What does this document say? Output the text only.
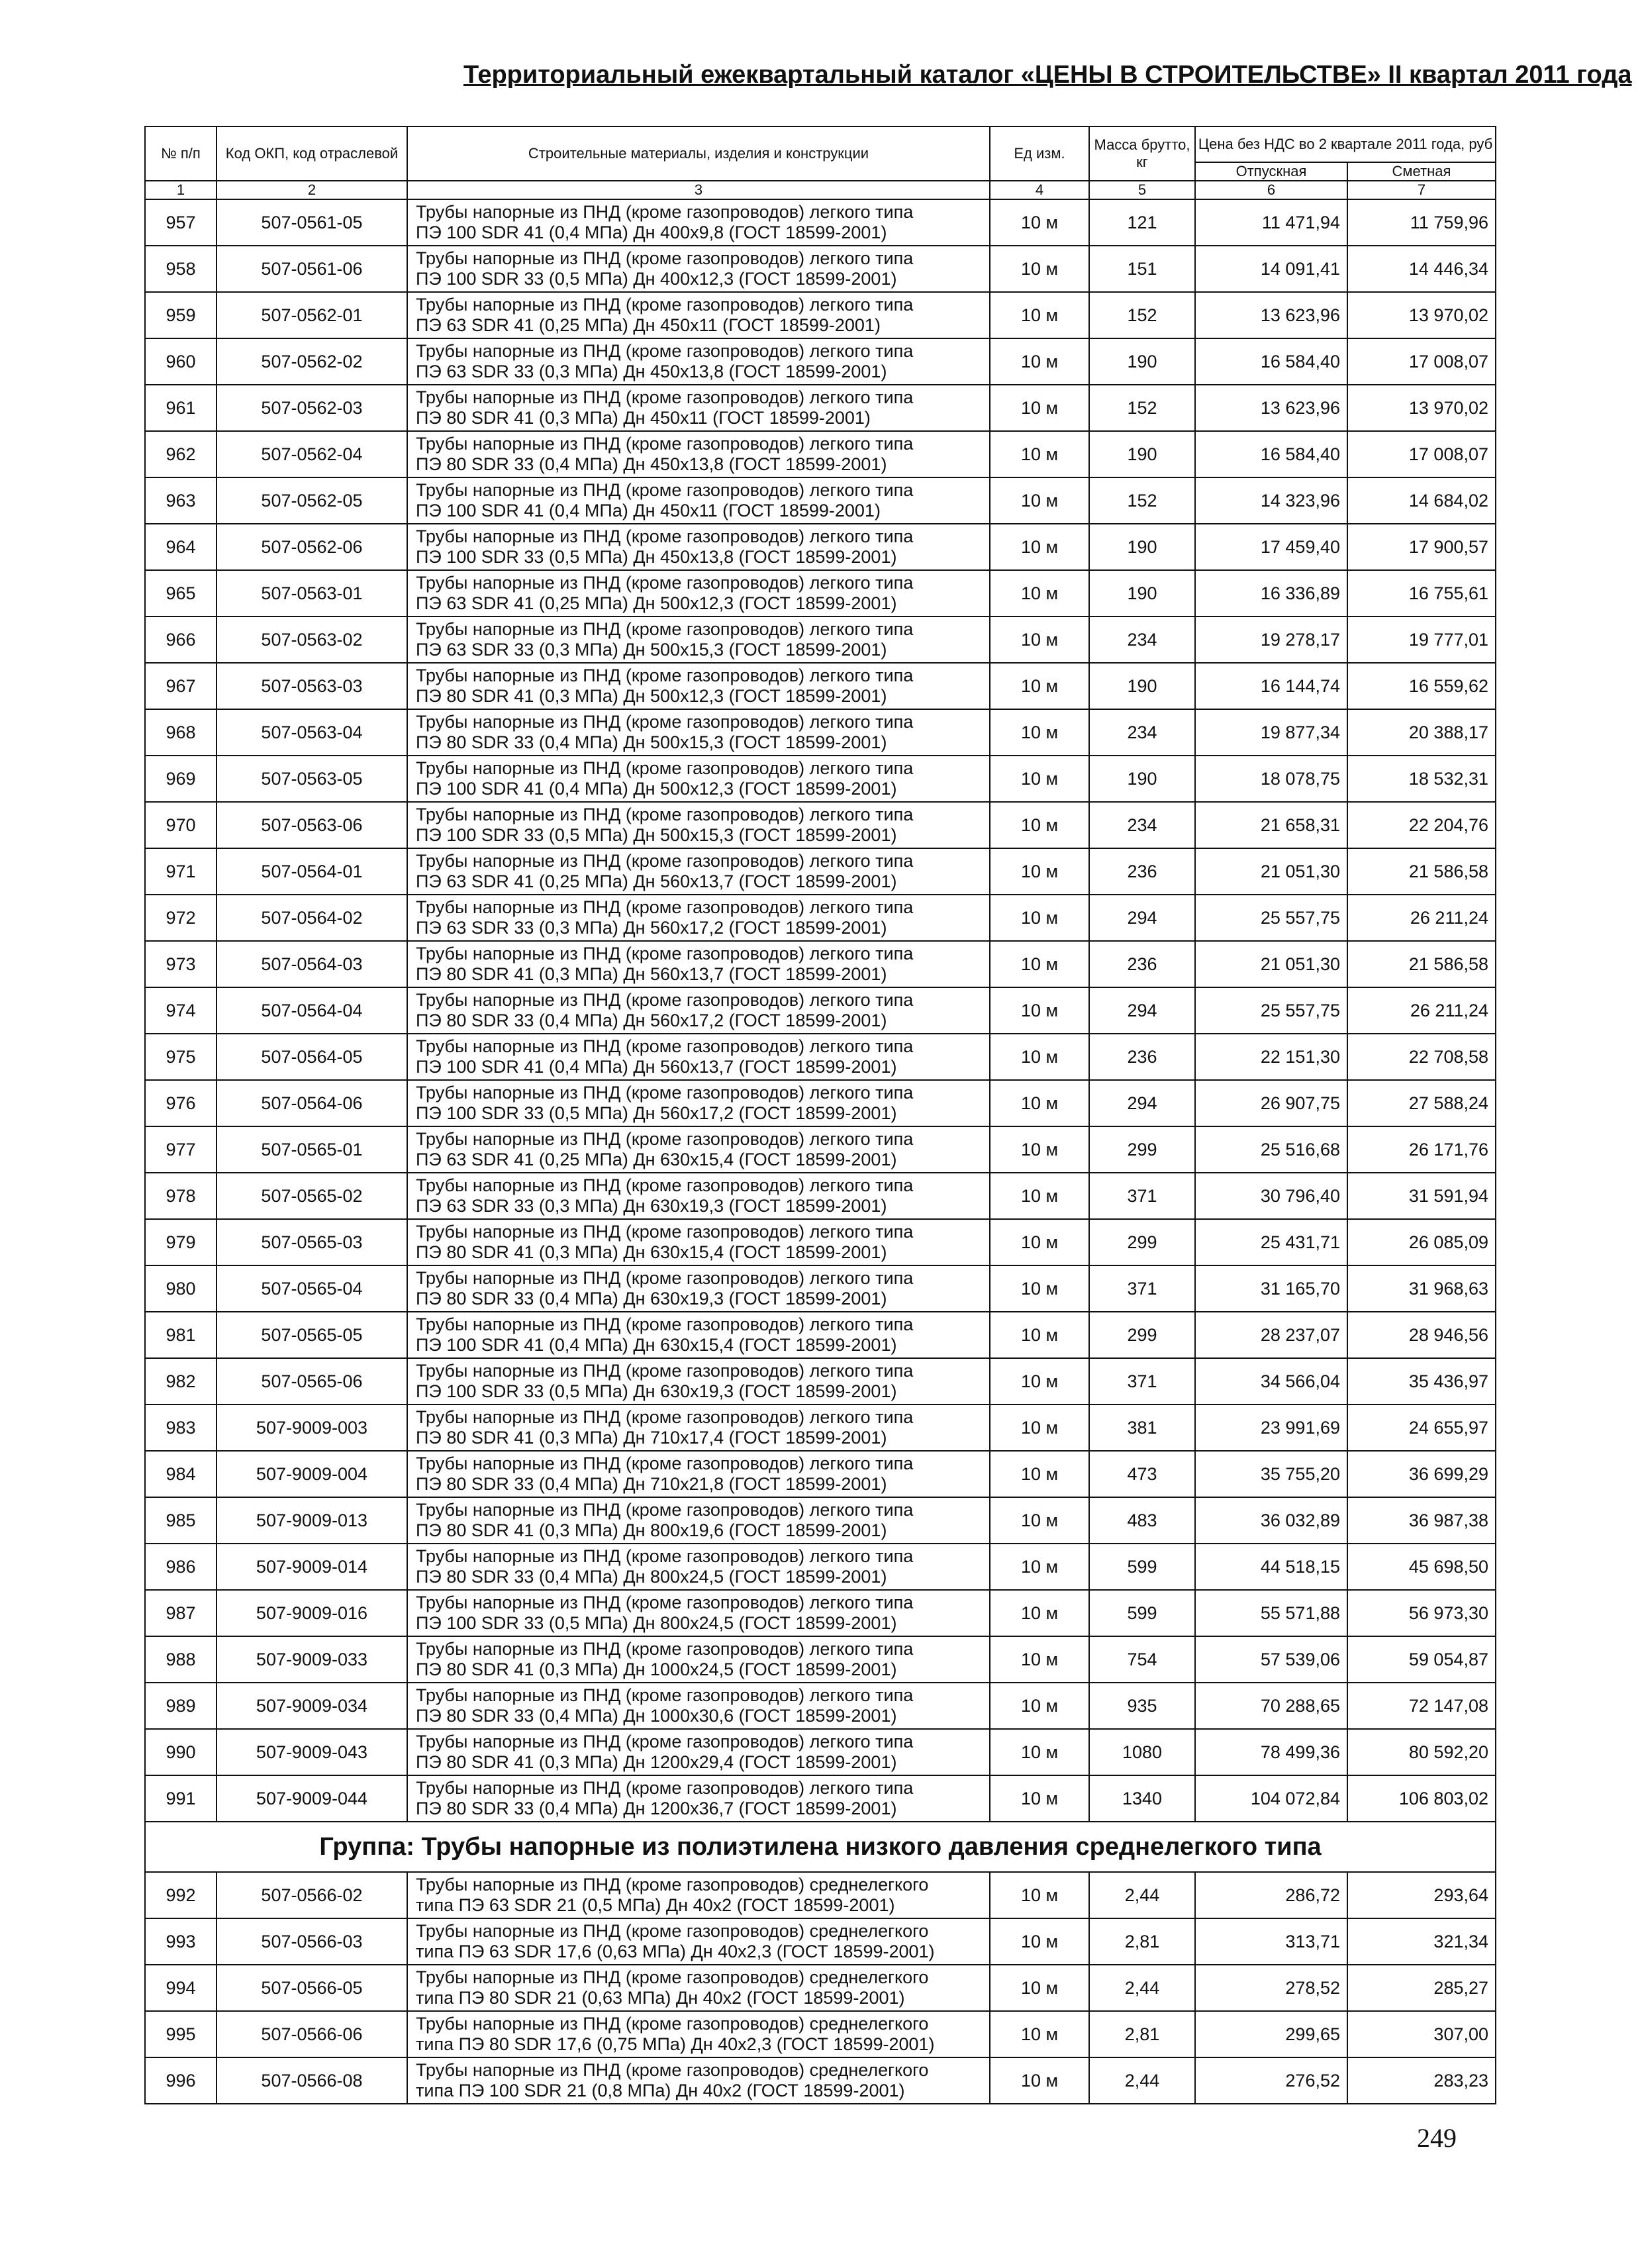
Территориальный ежеквартальный каталог «ЦЕНЫ В СТРОИТЕЛЬСТВЕ» II квартал 2011 года
№ п/п	Код ОКП, код отраслевой	Строительные материалы, изделия и конструкции	Ед изм.	Масса брутто, кг	Цена без НДС во 2 квартале 2011 года, руб	
					Отпускная	Сметная
1	2	3	4	5	6	7
957	507-0561-05	Трубы напорные из ПНД (кроме газопроводов) легкого типа
ПЭ 100 SDR 41 (0,4 МПа) Дн 400х9,8 (ГОСТ 18599-2001)	10 м	121	11 471,94	11 759,96
958	507-0561-06	Трубы напорные из ПНД (кроме газопроводов) легкого типа
ПЭ 100 SDR 33 (0,5 МПа) Дн 400х12,3 (ГОСТ 18599-2001)	10 м	151	14 091,41	14 446,34
959	507-0562-01	Трубы напорные из ПНД (кроме газопроводов) легкого типа
ПЭ 63 SDR 41 (0,25 МПа) Дн 450х11 (ГОСТ 18599-2001)	10 м	152	13 623,96	13 970,02
960	507-0562-02	Трубы напорные из ПНД (кроме газопроводов) легкого типа
ПЭ 63 SDR 33 (0,3 МПа) Дн 450х13,8 (ГОСТ 18599-2001)	10 м	190	16 584,40	17 008,07
961	507-0562-03	Трубы напорные из ПНД (кроме газопроводов) легкого типа
ПЭ 80 SDR 41 (0,3 МПа) Дн 450х11 (ГОСТ 18599-2001)	10 м	152	13 623,96	13 970,02
962	507-0562-04	Трубы напорные из ПНД (кроме газопроводов) легкого типа
ПЭ 80 SDR 33 (0,4 МПа) Дн 450х13,8 (ГОСТ 18599-2001)	10 м	190	16 584,40	17 008,07
963	507-0562-05	Трубы напорные из ПНД (кроме газопроводов) легкого типа
ПЭ 100 SDR 41 (0,4 МПа) Дн 450х11 (ГОСТ 18599-2001)	10 м	152	14 323,96	14 684,02
964	507-0562-06	Трубы напорные из ПНД (кроме газопроводов) легкого типа
ПЭ 100 SDR 33 (0,5 МПа) Дн 450х13,8 (ГОСТ 18599-2001)	10 м	190	17 459,40	17 900,57
965	507-0563-01	Трубы напорные из ПНД (кроме газопроводов) легкого типа
ПЭ 63 SDR 41 (0,25 МПа) Дн 500х12,3 (ГОСТ 18599-2001)	10 м	190	16 336,89	16 755,61
966	507-0563-02	Трубы напорные из ПНД (кроме газопроводов) легкого типа
ПЭ 63 SDR 33 (0,3 МПа) Дн 500х15,3 (ГОСТ 18599-2001)	10 м	234	19 278,17	19 777,01
967	507-0563-03	Трубы напорные из ПНД (кроме газопроводов) легкого типа
ПЭ 80 SDR 41 (0,3 МПа) Дн 500х12,3 (ГОСТ 18599-2001)	10 м	190	16 144,74	16 559,62
968	507-0563-04	Трубы напорные из ПНД (кроме газопроводов) легкого типа
ПЭ 80 SDR 33 (0,4 МПа) Дн 500х15,3 (ГОСТ 18599-2001)	10 м	234	19 877,34	20 388,17
969	507-0563-05	Трубы напорные из ПНД (кроме газопроводов) легкого типа
ПЭ 100 SDR 41 (0,4 МПа) Дн 500х12,3 (ГОСТ 18599-2001)	10 м	190	18 078,75	18 532,31
970	507-0563-06	Трубы напорные из ПНД (кроме газопроводов) легкого типа
ПЭ 100 SDR 33 (0,5 МПа) Дн 500х15,3 (ГОСТ 18599-2001)	10 м	234	21 658,31	22 204,76
971	507-0564-01	Трубы напорные из ПНД (кроме газопроводов) легкого типа
ПЭ 63 SDR 41 (0,25 МПа) Дн 560х13,7 (ГОСТ 18599-2001)	10 м	236	21 051,30	21 586,58
972	507-0564-02	Трубы напорные из ПНД (кроме газопроводов) легкого типа
ПЭ 63 SDR 33 (0,3 МПа) Дн 560х17,2 (ГОСТ 18599-2001)	10 м	294	25 557,75	26 211,24
973	507-0564-03	Трубы напорные из ПНД (кроме газопроводов) легкого типа
ПЭ 80 SDR 41 (0,3 МПа) Дн 560х13,7 (ГОСТ 18599-2001)	10 м	236	21 051,30	21 586,58
974	507-0564-04	Трубы напорные из ПНД (кроме газопроводов) легкого типа
ПЭ 80 SDR 33 (0,4 МПа) Дн 560х17,2 (ГОСТ 18599-2001)	10 м	294	25 557,75	26 211,24
975	507-0564-05	Трубы напорные из ПНД (кроме газопроводов) легкого типа
ПЭ 100 SDR 41 (0,4 МПа) Дн 560х13,7 (ГОСТ 18599-2001)	10 м	236	22 151,30	22 708,58
976	507-0564-06	Трубы напорные из ПНД (кроме газопроводов) легкого типа
ПЭ 100 SDR 33 (0,5 МПа) Дн 560х17,2 (ГОСТ 18599-2001)	10 м	294	26 907,75	27 588,24
977	507-0565-01	Трубы напорные из ПНД (кроме газопроводов) легкого типа
ПЭ 63 SDR 41 (0,25 МПа) Дн 630х15,4 (ГОСТ 18599-2001)	10 м	299	25 516,68	26 171,76
978	507-0565-02	Трубы напорные из ПНД (кроме газопроводов) легкого типа
ПЭ 63 SDR 33 (0,3 МПа) Дн 630х19,3 (ГОСТ 18599-2001)	10 м	371	30 796,40	31 591,94
979	507-0565-03	Трубы напорные из ПНД (кроме газопроводов) легкого типа
ПЭ 80 SDR 41 (0,3 МПа) Дн 630х15,4 (ГОСТ 18599-2001)	10 м	299	25 431,71	26 085,09
980	507-0565-04	Трубы напорные из ПНД (кроме газопроводов) легкого типа
ПЭ 80 SDR 33 (0,4 МПа) Дн 630х19,3 (ГОСТ 18599-2001)	10 м	371	31 165,70	31 968,63
981	507-0565-05	Трубы напорные из ПНД (кроме газопроводов) легкого типа
ПЭ 100 SDR 41 (0,4 МПа) Дн 630х15,4 (ГОСТ 18599-2001)	10 м	299	28 237,07	28 946,56
982	507-0565-06	Трубы напорные из ПНД (кроме газопроводов) легкого типа
ПЭ 100 SDR 33 (0,5 МПа) Дн 630х19,3 (ГОСТ 18599-2001)	10 м	371	34 566,04	35 436,97
983	507-9009-003	Трубы напорные из ПНД (кроме газопроводов) легкого типа
ПЭ 80 SDR 41 (0,3 МПа) Дн 710х17,4 (ГОСТ 18599-2001)	10 м	381	23 991,69	24 655,97
984	507-9009-004	Трубы напорные из ПНД (кроме газопроводов) легкого типа
ПЭ 80 SDR 33 (0,4 МПа) Дн 710х21,8 (ГОСТ 18599-2001)	10 м	473	35 755,20	36 699,29
985	507-9009-013	Трубы напорные из ПНД (кроме газопроводов) легкого типа
ПЭ 80 SDR 41 (0,3 МПа) Дн 800х19,6 (ГОСТ 18599-2001)	10 м	483	36 032,89	36 987,38
986	507-9009-014	Трубы напорные из ПНД (кроме газопроводов) легкого типа
ПЭ 80 SDR 33 (0,4 МПа) Дн 800х24,5 (ГОСТ 18599-2001)	10 м	599	44 518,15	45 698,50
987	507-9009-016	Трубы напорные из ПНД (кроме газопроводов) легкого типа
ПЭ 100 SDR 33 (0,5 МПа) Дн 800х24,5 (ГОСТ 18599-2001)	10 м	599	55 571,88	56 973,30
988	507-9009-033	Трубы напорные из ПНД (кроме газопроводов) легкого типа
ПЭ 80 SDR 41 (0,3 МПа) Дн 1000х24,5 (ГОСТ 18599-2001)	10 м	754	57 539,06	59 054,87
989	507-9009-034	Трубы напорные из ПНД (кроме газопроводов) легкого типа
ПЭ 80 SDR 33 (0,4 МПа) Дн 1000х30,6 (ГОСТ 18599-2001)	10 м	935	70 288,65	72 147,08
990	507-9009-043	Трубы напорные из ПНД (кроме газопроводов) легкого типа
ПЭ 80 SDR 41 (0,3 МПа) Дн 1200х29,4 (ГОСТ 18599-2001)	10 м	1080	78 499,36	80 592,20
991	507-9009-044	Трубы напорные из ПНД (кроме газопроводов) легкого типа
ПЭ 80 SDR 33 (0,4 МПа) Дн 1200х36,7 (ГОСТ 18599-2001)	10 м	1340	104 072,84	106 803,02
Группа: Трубы напорные из полиэтилена низкого давления среднелегкого типа						
992	507-0566-02	Трубы напорные из ПНД (кроме газопроводов) среднелегкого
типа ПЭ 63 SDR 21 (0,5 МПа) Дн 40х2 (ГОСТ 18599-2001)	10 м	2,44	286,72	293,64
993	507-0566-03	Трубы напорные из ПНД (кроме газопроводов) среднелегкого
типа ПЭ 63 SDR 17,6 (0,63 МПа) Дн 40х2,3 (ГОСТ 18599-2001)	10 м	2,81	313,71	321,34
994	507-0566-05	Трубы напорные из ПНД (кроме газопроводов) среднелегкого
типа ПЭ 80 SDR 21 (0,63 МПа) Дн 40х2 (ГОСТ 18599-2001)	10 м	2,44	278,52	285,27
995	507-0566-06	Трубы напорные из ПНД (кроме газопроводов) среднелегкого
типа ПЭ 80 SDR 17,6 (0,75 МПа) Дн 40х2,3 (ГОСТ 18599-2001)	10 м	2,81	299,65	307,00
996	507-0566-08	Трубы напорные из ПНД (кроме газопроводов) среднелегкого
типа ПЭ 100 SDR 21 (0,8 МПа) Дн 40х2 (ГОСТ 18599-2001)	10 м	2,44	276,52	283,23
249
